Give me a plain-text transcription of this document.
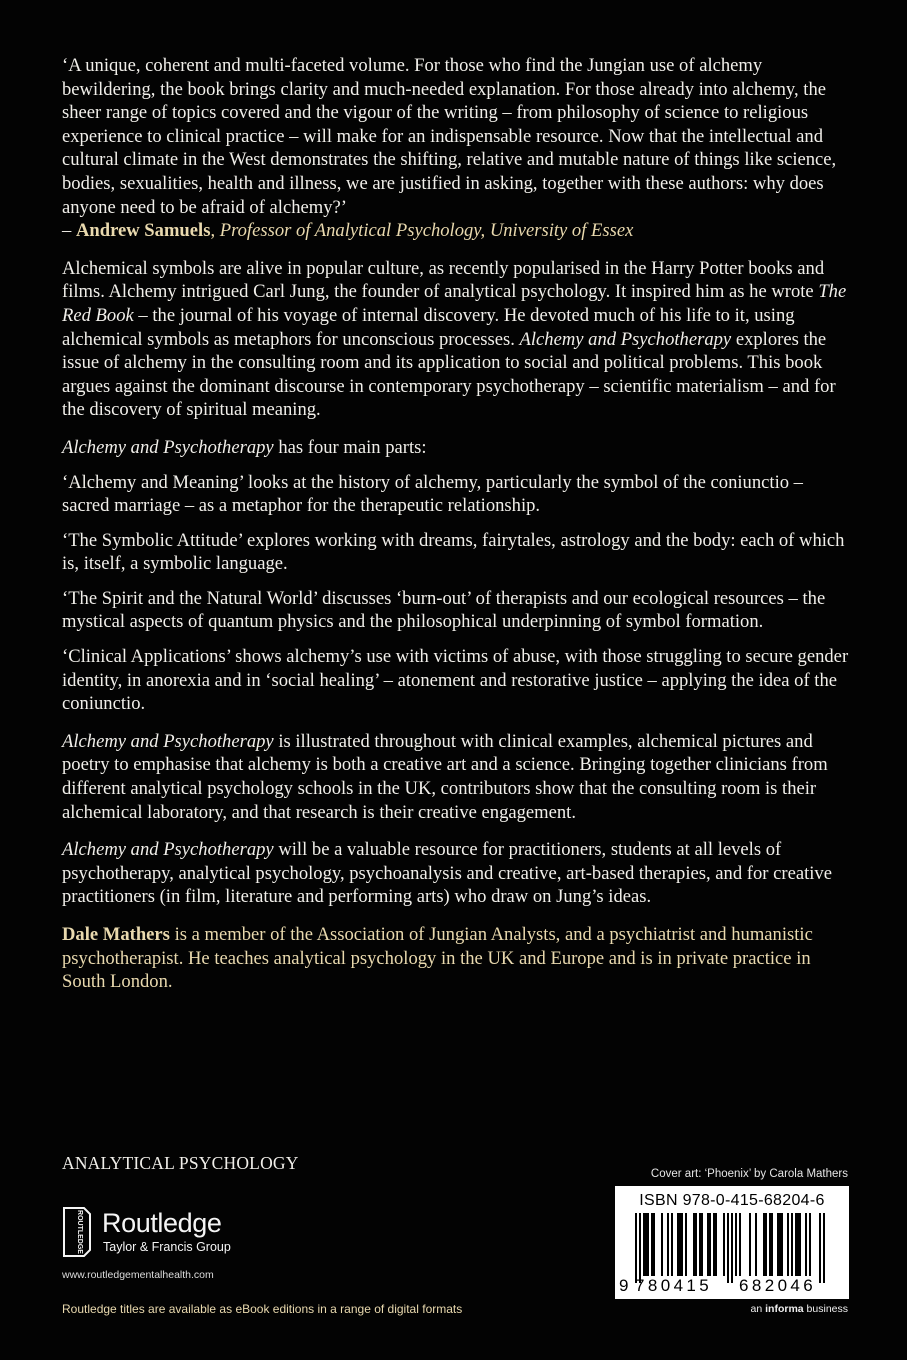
‘A unique, coherent and multi-faceted volume. For those who find the Jungian use of alchemy bewildering, the book brings clarity and much-needed explanation. For those already into alchemy, the sheer range of topics covered and the vigour of the writing – from philosophy of science to religious experience to clinical practice – will make for an indispensable resource. Now that the intellectual and cultural climate in the West demonstrates the shifting, relative and mutable nature of things like science, bodies, sexualities, health and illness, we are justified in asking, together with these authors: why does anyone need to be afraid of alchemy?’
– Andrew Samuels, Professor of Analytical Psychology, University of Essex

Alchemical symbols are alive in popular culture, as recently popularised in the Harry Potter books and films. Alchemy intrigued Carl Jung, the founder of analytical psychology. It inspired him as he wrote The Red Book – the journal of his voyage of internal discovery. He devoted much of his life to it, using alchemical symbols as metaphors for unconscious processes. Alchemy and Psychotherapy explores the issue of alchemy in the consulting room and its application to social and political problems. This book argues against the dominant discourse in contemporary psychotherapy – scientific materialism – and for the discovery of spiritual meaning.

Alchemy and Psychotherapy has four main parts:

‘Alchemy and Meaning’ looks at the history of alchemy, particularly the symbol of the coniunctio – sacred marriage – as a metaphor for the therapeutic relationship.

‘The Symbolic Attitude’ explores working with dreams, fairytales, astrology and the body: each of which is, itself, a symbolic language.

‘The Spirit and the Natural World’ discusses ‘burn-out’ of therapists and our ecological resources – the mystical aspects of quantum physics and the philosophical underpinning of symbol formation.

‘Clinical Applications’ shows alchemy’s use with victims of abuse, with those struggling to secure gender identity, in anorexia and in ‘social healing’ – atonement and restorative justice – applying the idea of the coniunctio.

Alchemy and Psychotherapy is illustrated throughout with clinical examples, alchemical pictures and poetry to emphasise that alchemy is both a creative art and a science. Bringing together clinicians from different analytical psychology schools in the UK, contributors show that the consulting room is their alchemical laboratory, and that research is their creative engagement.

Alchemy and Psychotherapy will be a valuable resource for practitioners, students at all levels of psychotherapy, analytical psychology, psychoanalysis and creative, art-based therapies, and for creative practitioners (in film, literature and performing arts) who draw on Jung’s ideas.

Dale Mathers is a member of the Association of Jungian Analysts, and a psychiatrist and humanistic psychotherapist. He teaches analytical psychology in the UK and Europe and is in private practice in South London.

ANALYTICAL PSYCHOLOGY
ROUTLEDGE Routledge
Taylor & Francis Group
www.routledgementalhealth.com
Routledge titles are available as eBook editions in a range of digital formats
Cover art: ‘Phoenix’ by Carola Mathers
ISBN 978-0-415-68204-6
9 780415 682046
an informa business
